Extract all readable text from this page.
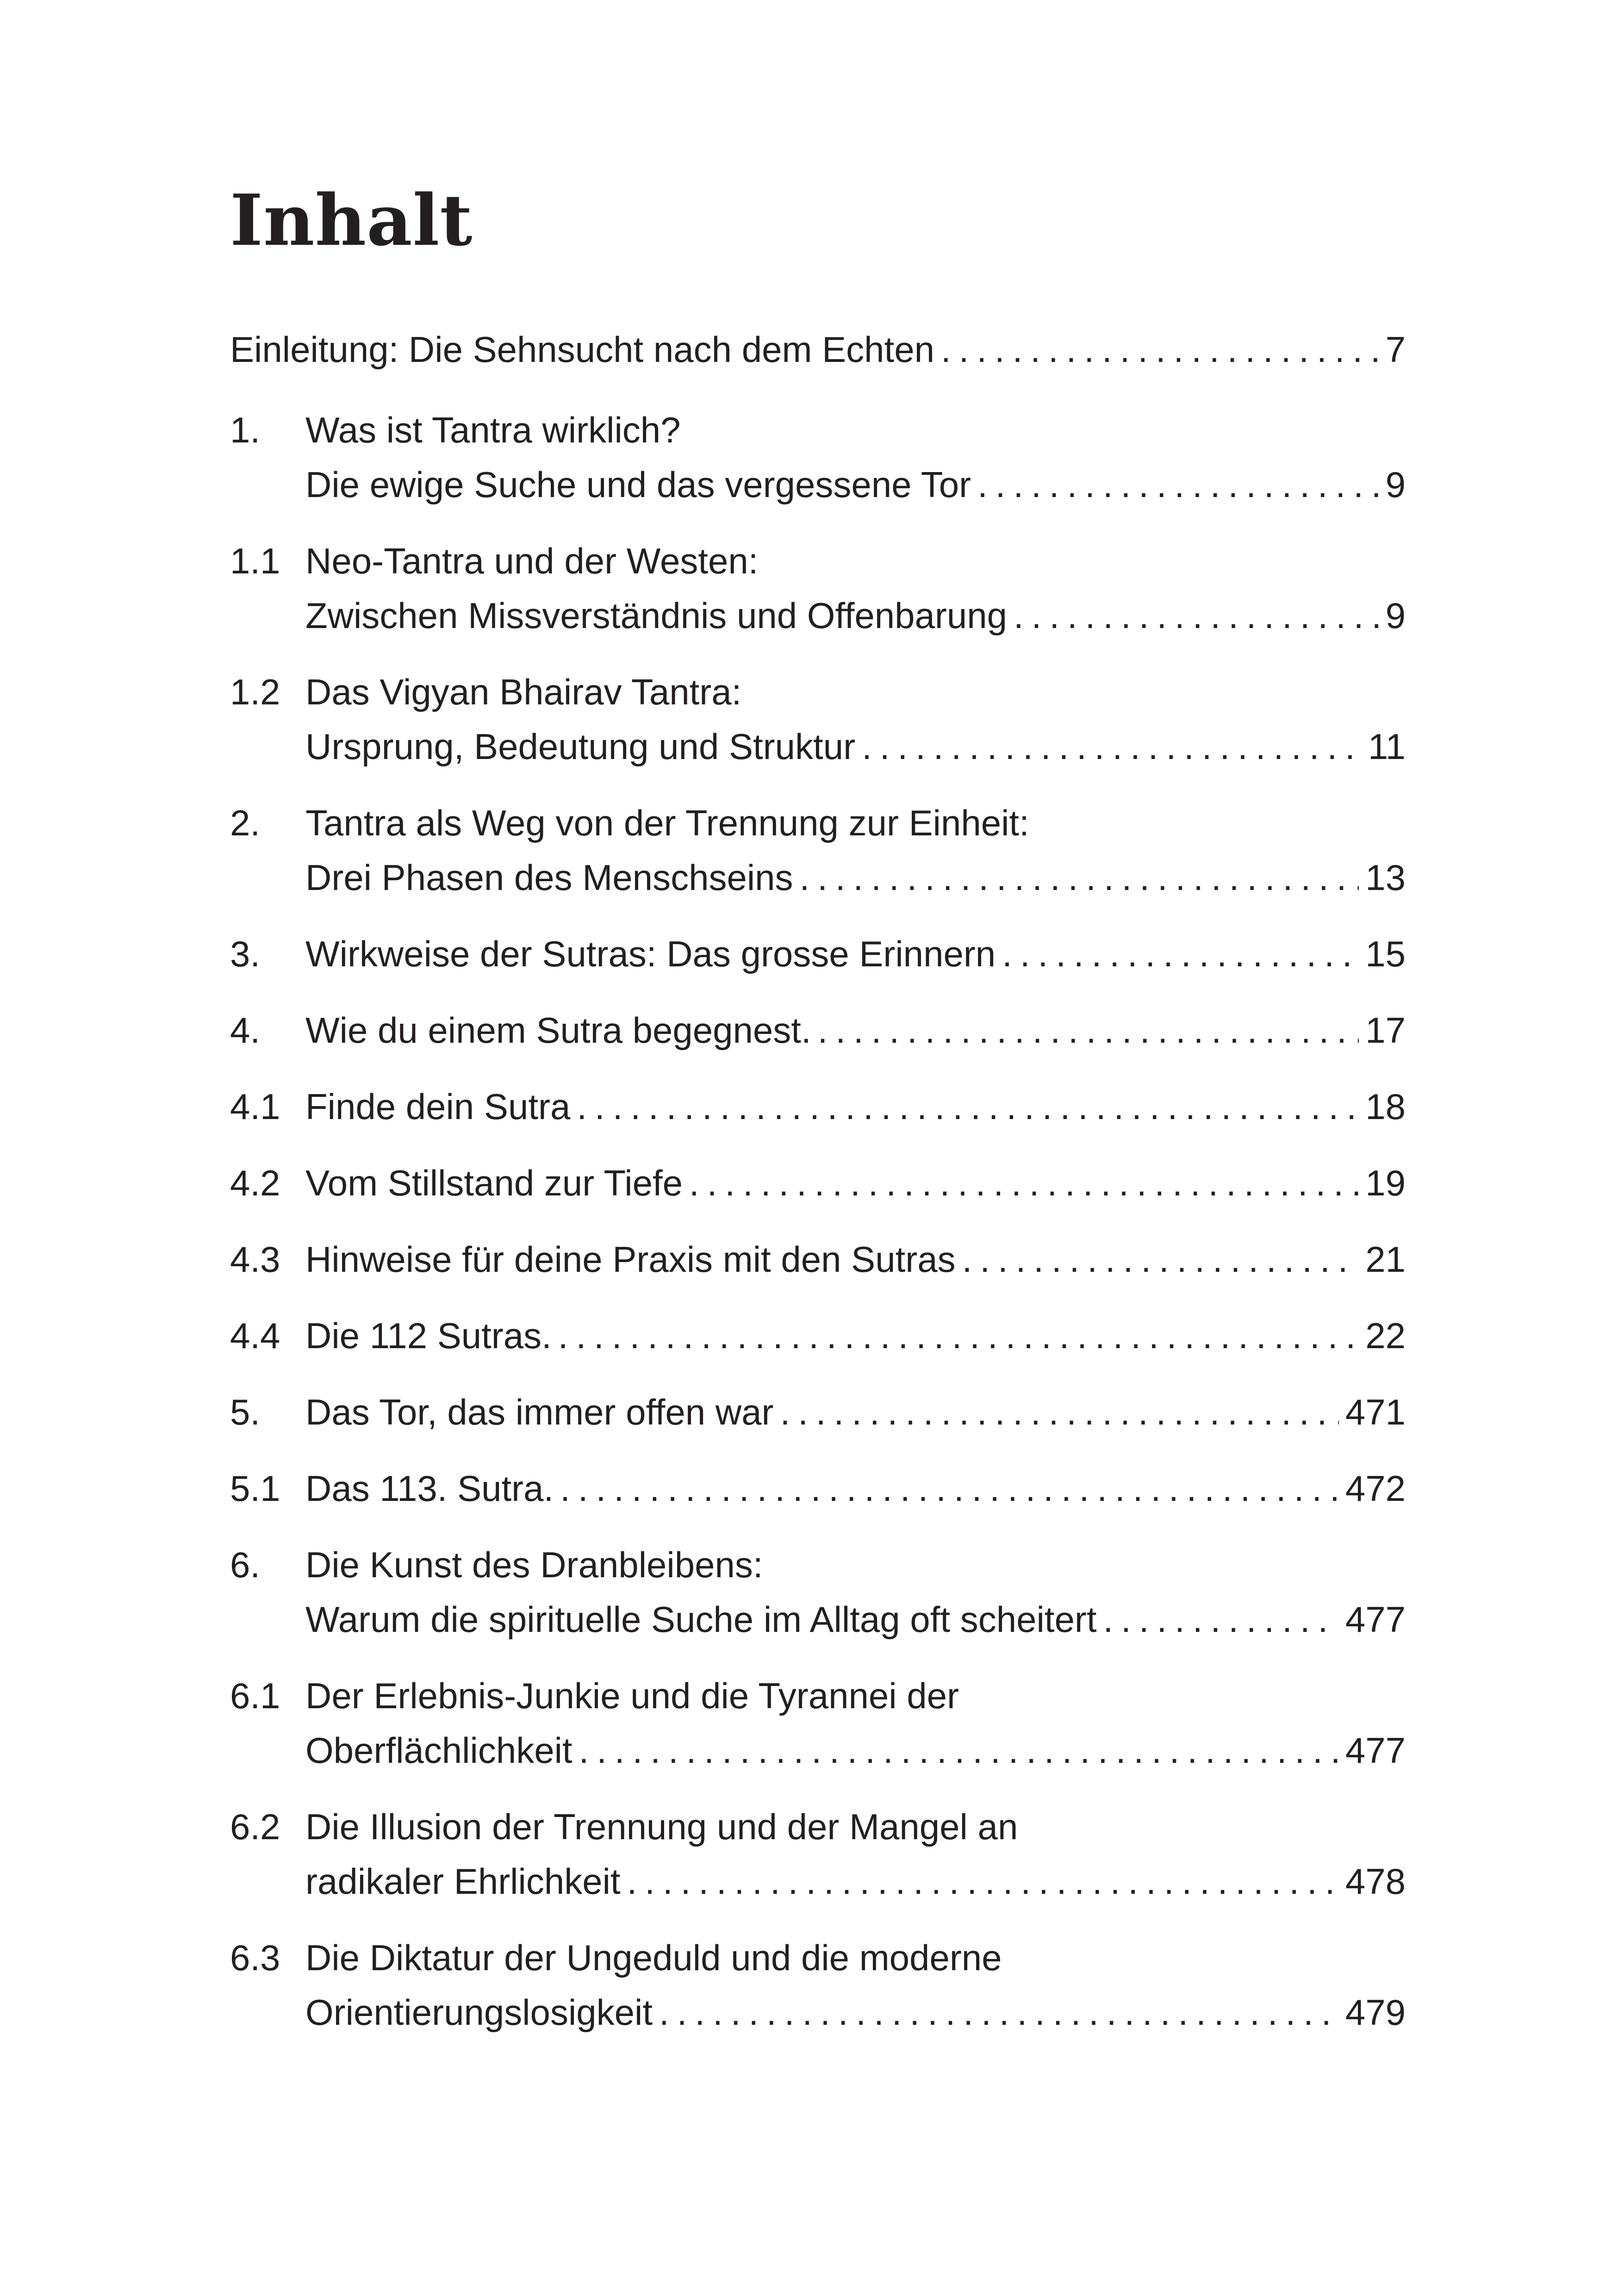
Inhalt
Einleitung: Die Sehnsucht nach dem Echten .....	7
1. Was ist Tantra wirklich?
Die ewige Suche und das vergessene Tor .....	9
1.1 Neo-Tantra und der Westen:
Zwischen Missverständnis und Offenbarung .....	9
1.2 Das Vigyan Bhairav Tantra:
Ursprung, Bedeutung und Struktur .....	11
2. Tantra als Weg von der Trennung zur Einheit:
Drei Phasen des Menschseins .....	13
3. Wirkweise der Sutras: Das grosse Erinnern .....	15
4. Wie du einem Sutra begegnest. .....	17
4.1 Finde dein Sutra .....	18
4.2 Vom Stillstand zur Tiefe .....	19
4.3 Hinweise für deine Praxis mit den Sutras .....	21
4.4 Die 112 Sutras. .....	22
5. Das Tor, das immer offen war .....	471
5.1 Das 113. Sutra. .....	472
6. Die Kunst des Dranbleibens:
Warum die spirituelle Suche im Alltag oft scheitert .....	477
6.1 Der Erlebnis-Junkie und die Tyrannei der
Oberflächlichkeit .....	477
6.2 Die Illusion der Trennung und der Mangel an
radikaler Ehrlichkeit .....	478
6.3 Die Diktatur der Ungeduld und die moderne
Orientierungslosigkeit .....	479
